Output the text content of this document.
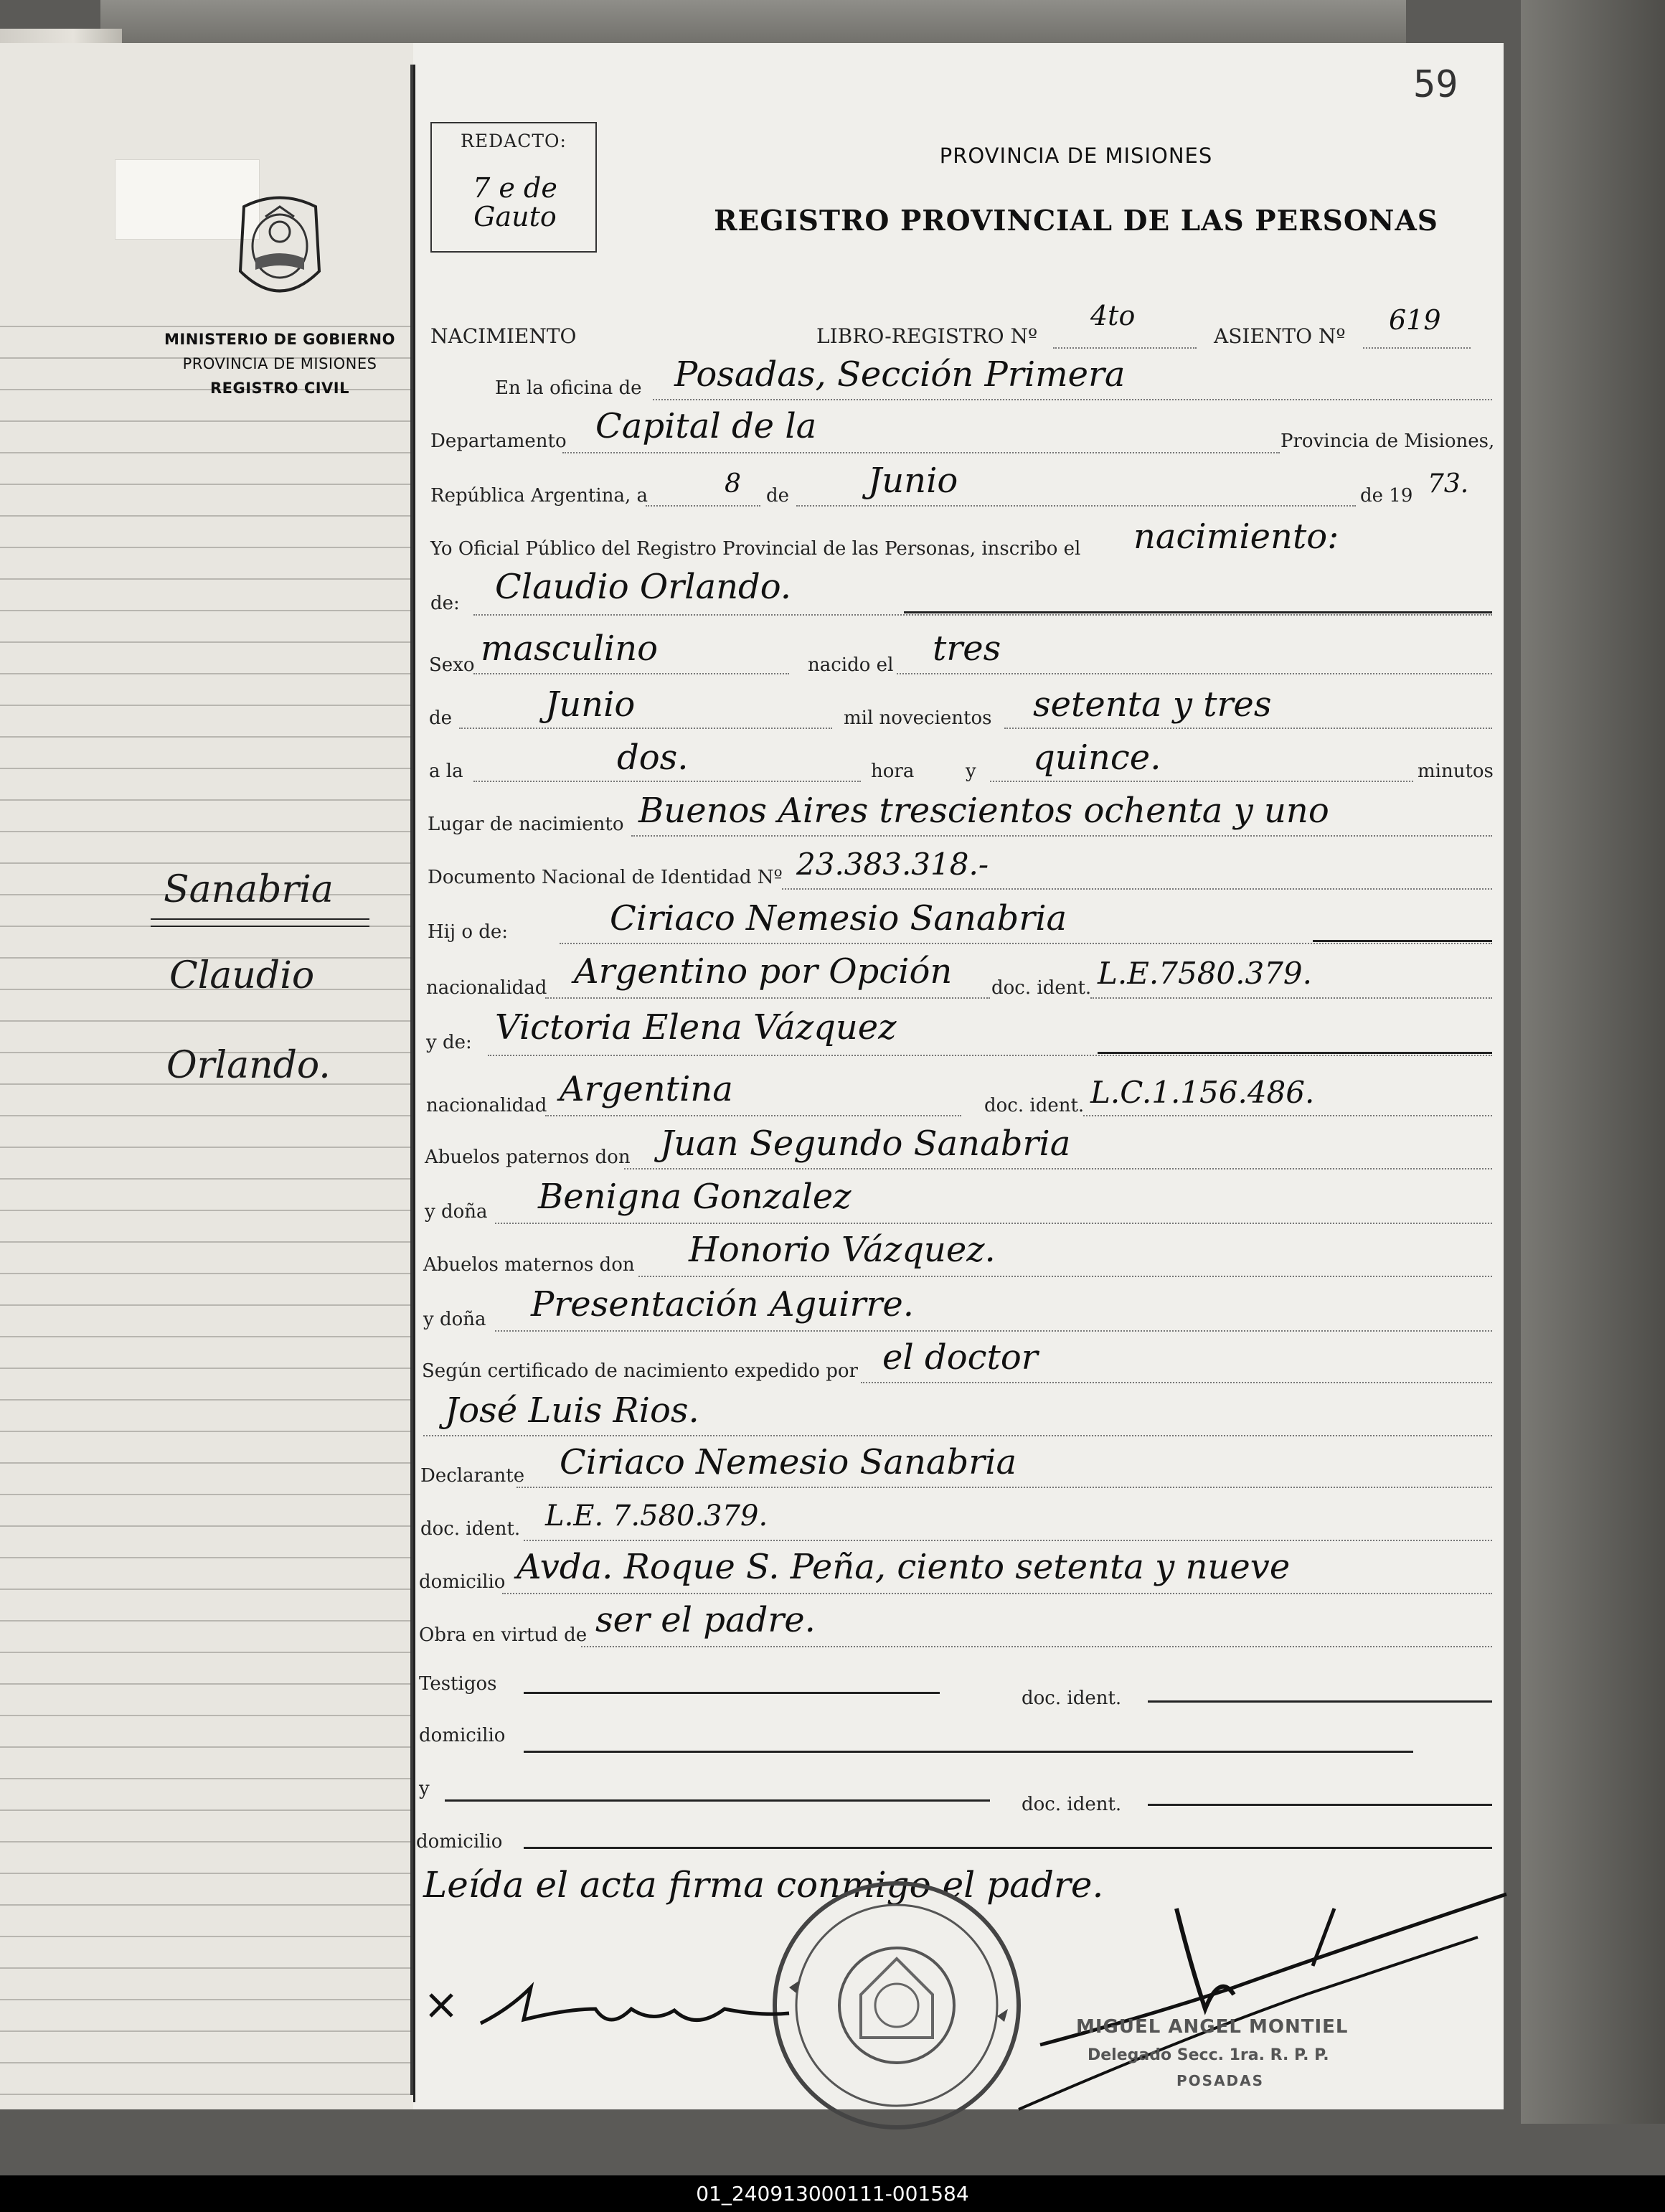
MINISTERIO DE GOBIERNO
PROVINCIA DE MISIONES
REGISTRO CIVIL
Sanabria
Claudio
Orlando.
59
REDACTO:
7 e de Gauto
PROVINCIA DE MISIONES
REGISTRO PROVINCIAL DE LAS PERSONAS
NACIMIENTO	LIBRO-REGISTRO Nº
4to
ASIENTO Nº
619
En la oficina de Posadas, Sección Primera
Departamento Capital de la	Provincia de Misiones,
República Argentina, a	8 de Junio	de 19 73.
Yo Oficial Público del Registro Provincial de las Personas, inscribo el nacimiento:
de: Claudio Orlando.
Sexo masculino	nacido el tres
de	Junio	mil novecientos setenta y tres
a la	dos.	hora	y quince.	minutos
Lugar de nacimiento Buenos Aires trescientos ochenta y uno
Documento Nacional de Identidad Nº 23.383.318.-
Hij o de:	Ciriaco Nemesio Sanabria
nacionalidad Argentino por Opción doc. ident. L.E.7580.379.
y de: Victoria Elena Vázquez
nacionalidad Argentina	doc. ident. L.C.1.156.486.
Abuelos paternos don Juan Segundo Sanabria
y doña Benigna Gonzalez
Abuelos maternos don Honorio Vázquez.
y doña Presentación Aguirre.
Según certificado de nacimiento expedido por el doctor
José Luis Rios.
Declarante Ciriaco Nemesio Sanabria
doc. ident. L.E. 7.580.379.
domicilio Avda. Roque S. Peña, ciento setenta y nueve
Obra en virtud de ser el padre.
Testigos
doc. ident.
domicilio
y
doc. ident.
domicilio
Leída el acta firma conmigo el padre.
MIGUEL ANGEL MONTIEL
Delegado Secc. 1ra. R. P. P.
POSADAS
01_240913000111-001584
